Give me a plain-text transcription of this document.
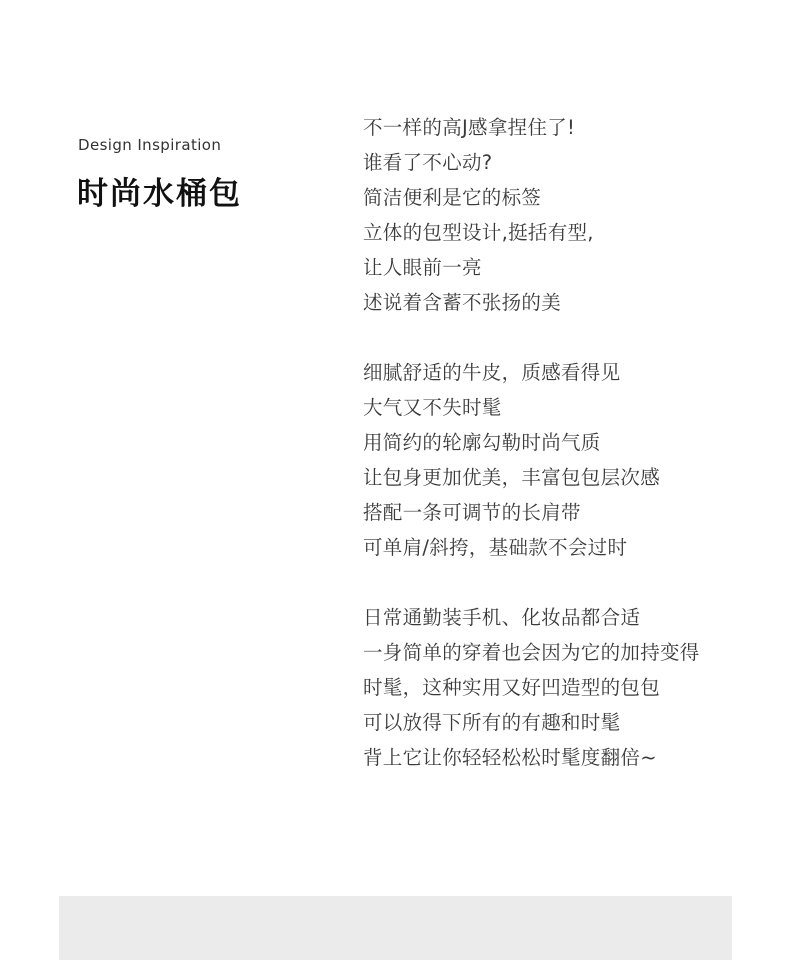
Design Inspiration
时尚水桶包
不一样的高J感拿捏住了!
谁看了不心动?
简洁便利是它的标签
立体的包型设计,挺括有型,
让人眼前一亮
述说着含蓄不张扬的美
细腻舒适的牛皮，质感看得见
大气又不失时髦
用简约的轮廓勾勒时尚气质
让包身更加优美，丰富包包层次感
搭配一条可调节的长肩带
可单肩/斜挎，基础款不会过时
日常通勤装手机、化妆品都合适
一身简单的穿着也会因为它的加持变得
时髦，这种实用又好凹造型的包包
可以放得下所有的有趣和时髦
背上它让你轻轻松松时髦度翻倍~
